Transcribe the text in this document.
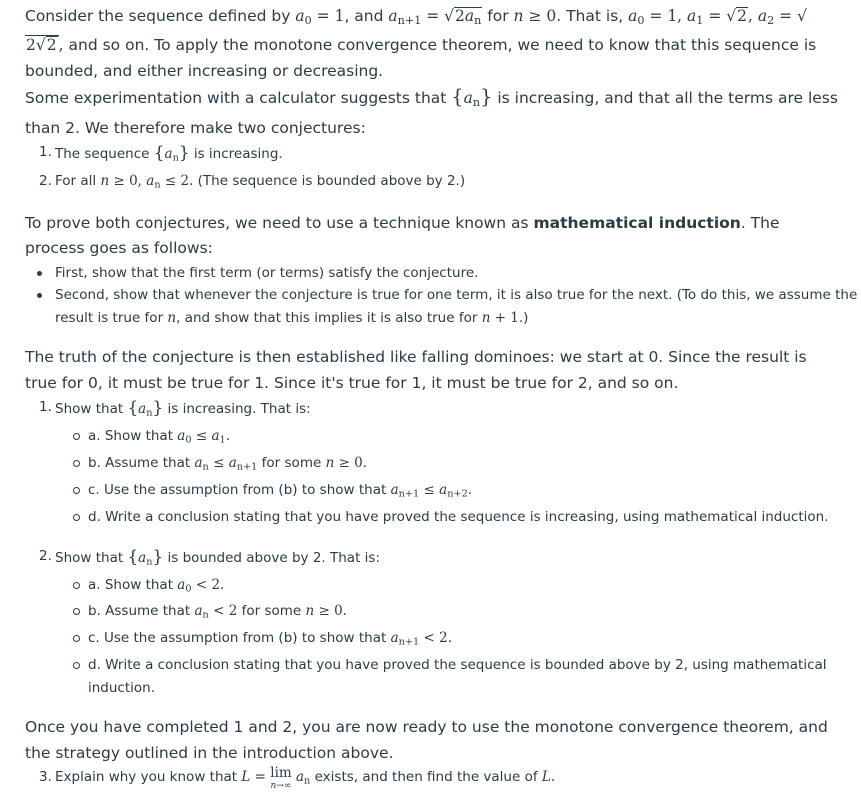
Consider the sequence defined by $a_0 = 1$, and $a_{n+1} = √2a_n$ for n ≥ 0. That is, $a_0 = 1$, $a_1 = √2$, $a_2 = √2√2$ , and so on. To apply the monotone convergence theorem, we need to know that this sequence is bounded, and either increasing or decreasing.

Some experimentation with a calculator suggests that $\{a_n\}$ is increasing, and that all the terms are less than 2. We therefore make two conjectures:

1. The sequence $\{a_n\}$ is increasing.
2. For all n ≥ 0, $a_n \le 2$. (The sequence is bounded above by 2.)

To prove both conjectures, we need to use a technique known as mathematical induction. The process goes as follows:

First, show that the first term (or terms) satisfy the conjecture.
Second, show that whenever the conjecture is true for one term, it is also true for the next. (To do this, we assume the result is true for n, and show that this implies it is also true for n + 1.)

The truth of the conjecture is then established like falling dominoes: we start at 0. Since the result is true for 0, it must be true for 1. Since it's true for 1, it must be true for 2, and so on.

1. Show that $\{a_n\}$ is increasing. That is:
a. Show that $a_0 \le a_1$.
b. Assume that $a_n \le a_{n+1}$ for some n ≥ 0.
c. Use the assumption from (b) to show that $a_{n+1} \le a_{n+2}$.
d. Write a conclusion stating that you have proved the sequence is increasing, using mathematical induction.
2. Show that $\{a_n\}$ is bounded above by 2. That is:
a. Show that $a_0 < 2$.
b. Assume that $a_n < 2$ for some n ≥ 0.
c. Use the assumption from (b) to show that $a_{n+1} < 2$.
d. Write a conclusion stating that you have proved the sequence is bounded above by 2, using mathematical induction.

Once you have completed 1 and 2, you are now ready to use the monotone convergence theorem, and the strategy outlined in the introduction above.

3. Explain why you know that L = lim
n→∞
$a_n$ exists, and then find the value of L.
